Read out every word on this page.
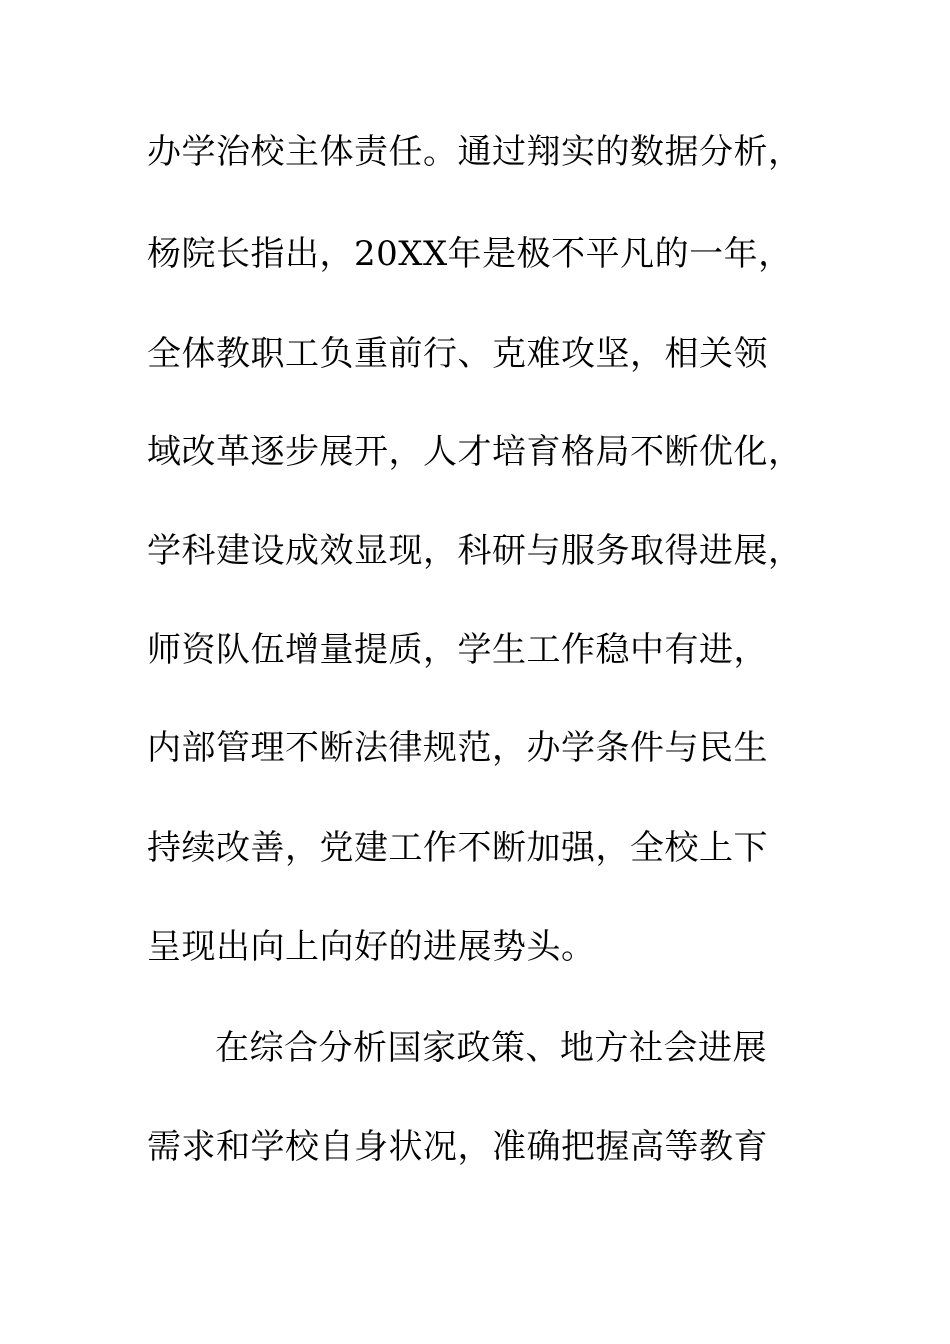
办学治校主体责任。通过翔实的数据分析，
杨院长指出，20XX年是极不平凡的一年，
全体教职工负重前行、克难攻坚，相关领
域改革逐步展开，人才培育格局不断优化，
学科建设成效显现，科研与服务取得进展，
师资队伍增量提质，学生工作稳中有进，
内部管理不断法律规范，办学条件与民生
持续改善，党建工作不断加强，全校上下
呈现出向上向好的进展势头。
在综合分析国家政策、地方社会进展
需求和学校自身状况，准确把握高等教育
